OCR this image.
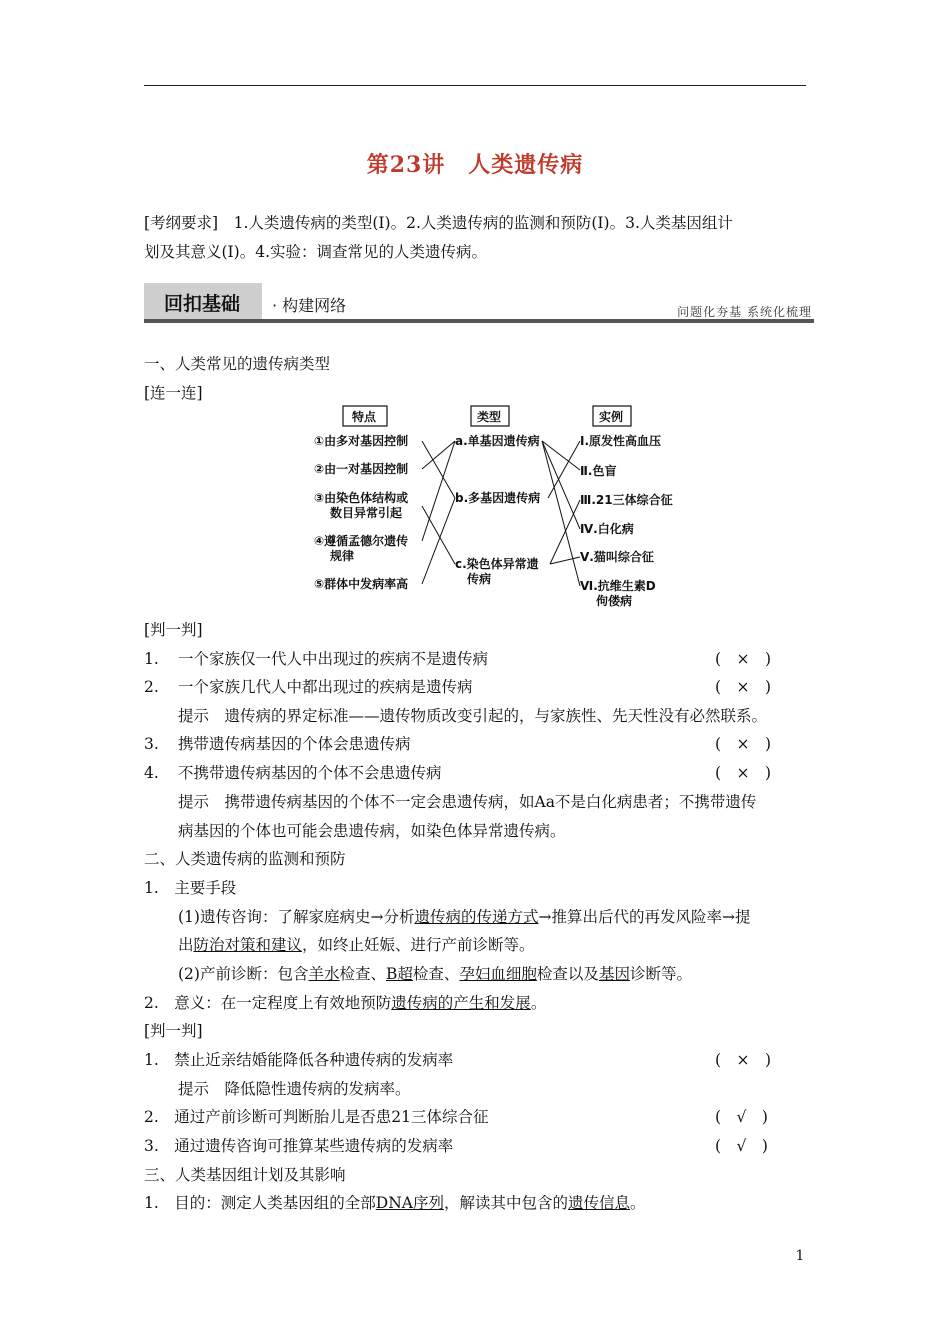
第23讲　人类遗传病
[考纲要求]　1.人类遗传病的类型(Ⅰ)。2.人类遗传病的监测和预防(Ⅰ)。3.人类基因组计
划及其意义(Ⅰ)。4.实验：调查常见的人类遗传病。
回扣基础 · 构建网络	问题化夯基 系统化梳理
一、人类常见的遗传病类型
[连一连]
特点	类型	实例
①由多对基因控制
②由一对基因控制
③由染色体结构或
数目异常引起
④遵循孟德尔遗传
规律
⑤群体中发病率高
a.单基因遗传病
b.多基因遗传病
c.染色体异常遗
传病
Ⅰ.原发性高血压
Ⅱ.色盲
Ⅲ.21三体综合征
Ⅳ.白化病
Ⅴ.猫叫综合征
Ⅵ.抗维生素D
佝偻病
[判一判]
1. 一个家族仅一代人中出现过的疾病不是遗传病	(　×　)
2. 一个家族几代人中都出现过的疾病是遗传病	(　×　)
提示　遗传病的界定标准——遗传物质改变引起的，与家族性、先天性没有必然联系。
3. 携带遗传病基因的个体会患遗传病	(　×　)
4. 不携带遗传病基因的个体不会患遗传病	(　×　)
提示　携带遗传病基因的个体不一定会患遗传病，如Aa不是白化病患者；不携带遗传
病基因的个体也可能会患遗传病，如染色体异常遗传病。
二、人类遗传病的监测和预防
1.　主要手段
(1)遗传咨询：了解家庭病史→分析遗传病的传递方式→推算出后代的再发风险率→提
出防治对策和建议，如终止妊娠、进行产前诊断等。
(2)产前诊断：包含羊水检查、B超检查、孕妇血细胞检查以及基因诊断等。
2.　意义：在一定程度上有效地预防遗传病的产生和发展。
[判一判]
1.　禁止近亲结婚能降低各种遗传病的发病率	(　×　)
提示　降低隐性遗传病的发病率。
2.　通过产前诊断可判断胎儿是否患21三体综合征	(　√　)
3.　通过遗传咨询可推算某些遗传病的发病率	(　√　)
三、人类基因组计划及其影响
1.　目的：测定人类基因组的全部DNA序列，解读其中包含的遗传信息。
1
